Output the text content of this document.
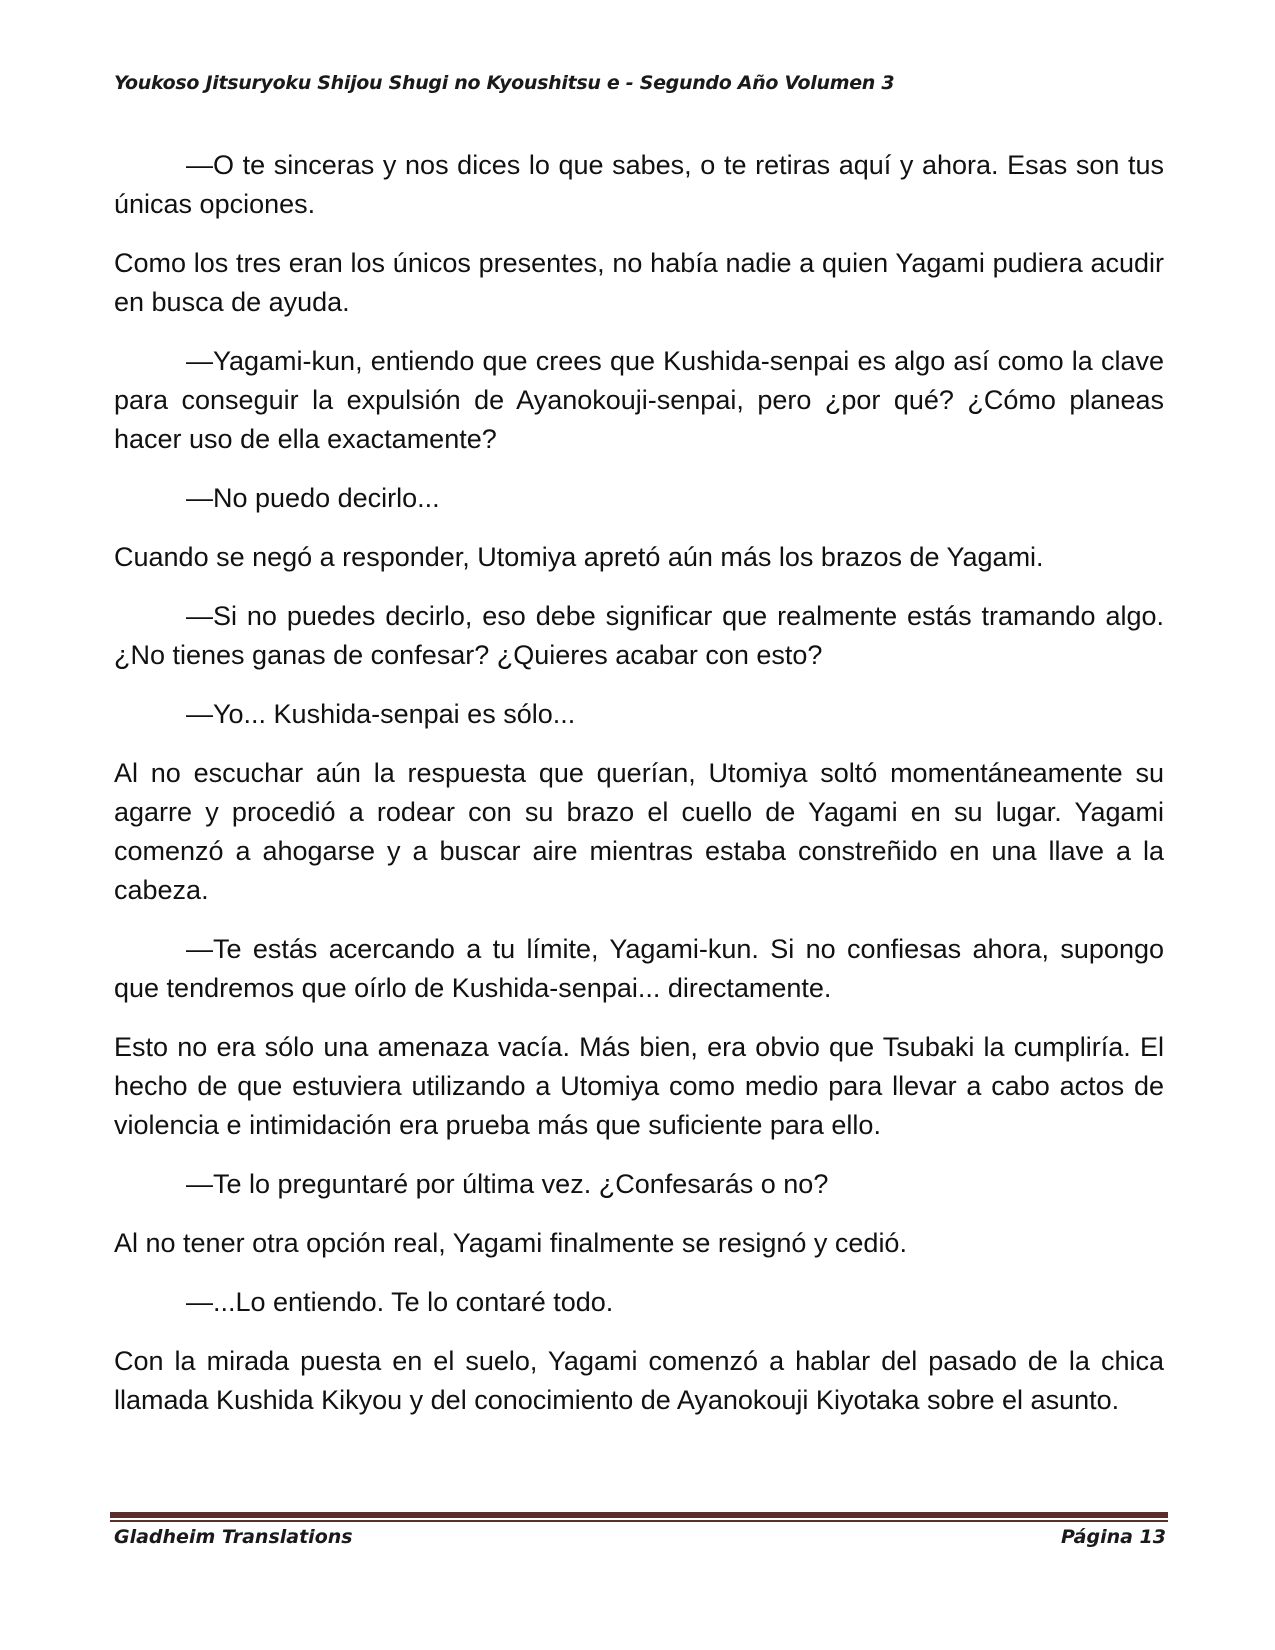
Youkoso Jitsuryoku Shijou Shugi no Kyoushitsu e - Segundo Año Volumen 3

—O te sinceras y nos dices lo que sabes, o te retiras aquí y ahora. Esas son tus únicas opciones.

Como los tres eran los únicos presentes, no había nadie a quien Yagami pudiera acudir en busca de ayuda.

—Yagami-kun, entiendo que crees que Kushida-senpai es algo así como la clave para conseguir la expulsión de Ayanokouji-senpai, pero ¿por qué? ¿Cómo planeas hacer uso de ella exactamente?

—No puedo decirlo...

Cuando se negó a responder, Utomiya apretó aún más los brazos de Yagami.

—Si no puedes decirlo, eso debe significar que realmente estás tramando algo. ¿No tienes ganas de confesar? ¿Quieres acabar con esto?

—Yo... Kushida-senpai es sólo...

Al no escuchar aún la respuesta que querían, Utomiya soltó momentáneamente su agarre y procedió a rodear con su brazo el cuello de Yagami en su lugar. Yagami comenzó a ahogarse y a buscar aire mientras estaba constreñido en una llave a la cabeza.

—Te estás acercando a tu límite, Yagami-kun. Si no confiesas ahora, supongo que tendremos que oírlo de Kushida-senpai... directamente.

Esto no era sólo una amenaza vacía. Más bien, era obvio que Tsubaki la cumpliría. El hecho de que estuviera utilizando a Utomiya como medio para llevar a cabo actos de violencia e intimidación era prueba más que suficiente para ello.

—Te lo preguntaré por última vez. ¿Confesarás o no?

Al no tener otra opción real, Yagami finalmente se resignó y cedió.

—...Lo entiendo. Te lo contaré todo.

Con la mirada puesta en el suelo, Yagami comenzó a hablar del pasado de la chica llamada Kushida Kikyou y del conocimiento de Ayanokouji Kiyotaka sobre el asunto.

Gladheim Translations	Página 13
